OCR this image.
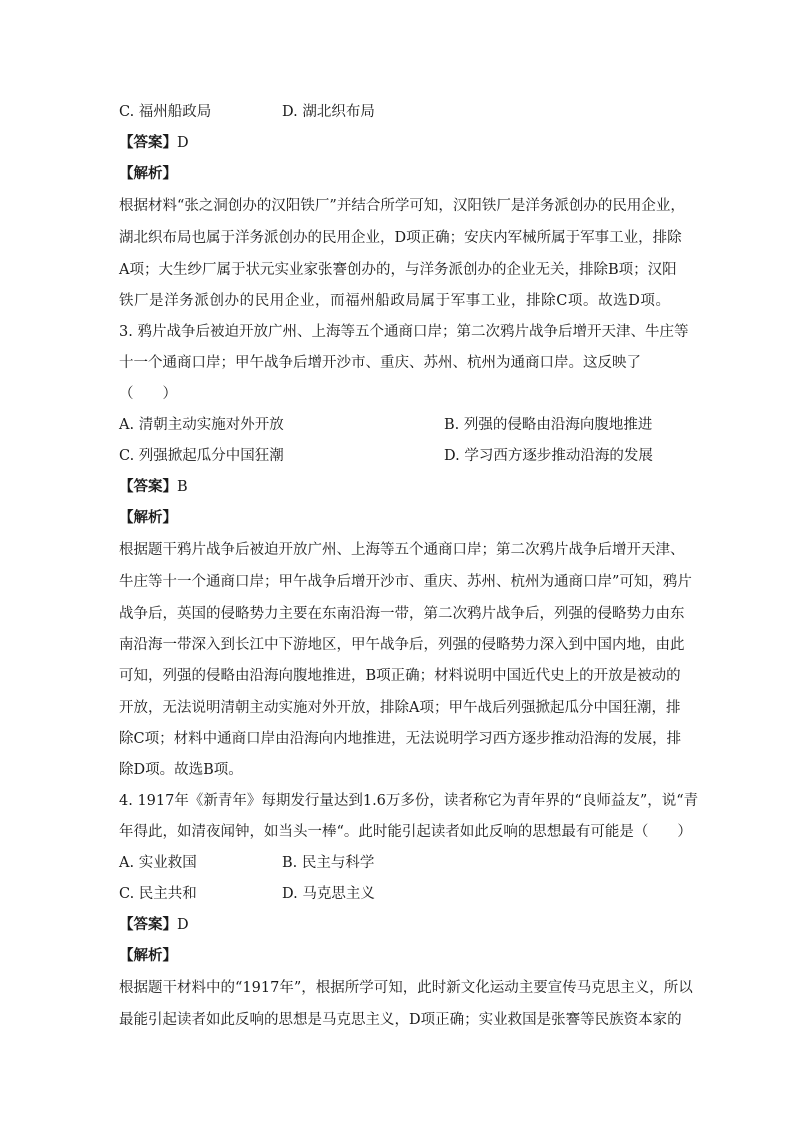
C. 福州船政局	D. 湖北织布局
【答案】D
【解析】
根据材料“张之洞创办的汉阳铁厂”并结合所学可知，汉阳铁厂是洋务派创办的民用企业，
湖北织布局也属于洋务派创办的民用企业，D项正确；安庆内军械所属于军事工业，排除
A项；大生纱厂属于状元实业家张謇创办的，与洋务派创办的企业无关，排除B项；汉阳
铁厂是洋务派创办的民用企业，而福州船政局属于军事工业，排除C项。故选D项。
3. 鸦片战争后被迫开放广州、上海等五个通商口岸；第二次鸦片战争后增开天津、牛庄等
十一个通商口岸；甲午战争后增开沙市、重庆、苏州、杭州为通商口岸。这反映了
（　　）
A. 清朝主动实施对外开放	B. 列强的侵略由沿海向腹地推进
C. 列强掀起瓜分中国狂潮	D. 学习西方逐步推动沿海的发展
【答案】B
【解析】
根据题干鸦片战争后被迫开放广州、上海等五个通商口岸；第二次鸦片战争后增开天津、
牛庄等十一个通商口岸；甲午战争后增开沙市、重庆、苏州、杭州为通商口岸”可知，鸦片
战争后，英国的侵略势力主要在东南沿海一带，第二次鸦片战争后，列强的侵略势力由东
南沿海一带深入到长江中下游地区，甲午战争后，列强的侵略势力深入到中国内地，由此
可知，列强的侵略由沿海向腹地推进，B项正确；材料说明中国近代史上的开放是被动的
开放，无法说明清朝主动实施对外开放，排除A项；甲午战后列强掀起瓜分中国狂潮，排
除C项；材料中通商口岸由沿海向内地推进，无法说明学习西方逐步推动沿海的发展，排
除D项。故选B项。
4. 1917年《新青年》每期发行量达到1.6万多份，读者称它为青年界的“良师益友”，说“青
年得此，如清夜闻钟，如当头一棒“。此时能引起读者如此反响的思想最有可能是（　　）
A. 实业救国	B. 民主与科学
C. 民主共和	D. 马克思主义
【答案】D
【解析】
根据题干材料中的“1917年”，根据所学可知，此时新文化运动主要宣传马克思主义，所以
最能引起读者如此反响的思想是马克思主义，D项正确；实业救国是张謇等民族资本家的
